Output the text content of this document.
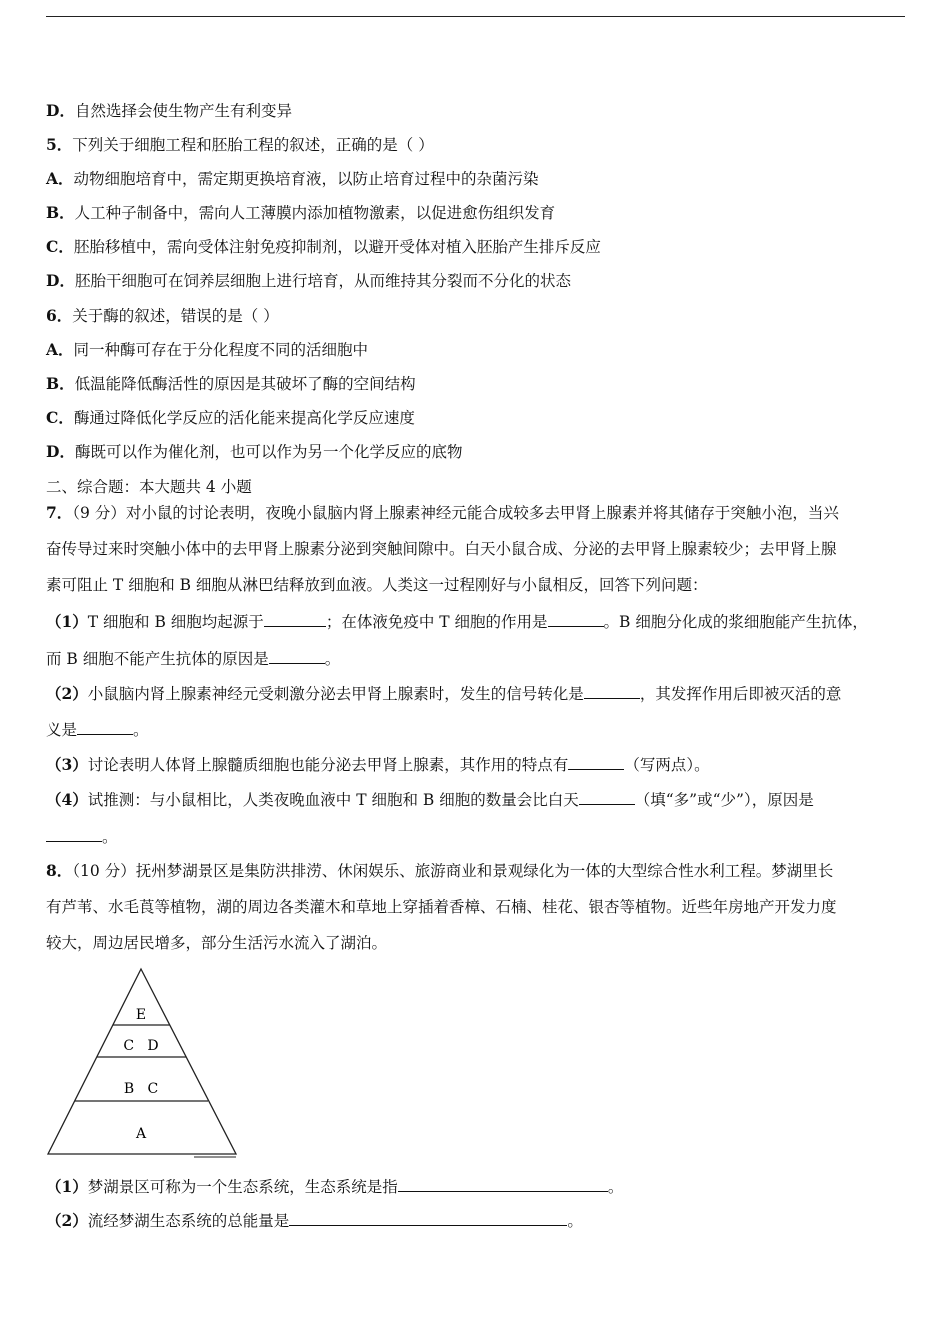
D．自然选择会使生物产生有利变异
5．下列关于细胞工程和胚胎工程的叙述，正确的是（ ）
A．动物细胞培育中，需定期更换培育液，以防止培育过程中的杂菌污染
B．人工种子制备中，需向人工薄膜内添加植物激素，以促进愈伤组织发育
C．胚胎移植中，需向受体注射免疫抑制剂，以避开受体对植入胚胎产生排斥反应
D．胚胎干细胞可在饲养层细胞上进行培育，从而维持其分裂而不分化的状态
6．关于酶的叙述，错误的是（ ）
A．同一种酶可存在于分化程度不同的活细胞中
B．低温能降低酶活性的原因是其破坏了酶的空间结构
C．酶通过降低化学反应的活化能来提高化学反应速度
D．酶既可以作为催化剂，也可以作为另一个化学反应的底物
二、综合题：本大题共 4 小题
7．（9 分）对小鼠的讨论表明，夜晚小鼠脑内肾上腺素神经元能合成较多去甲肾上腺素并将其储存于突触小泡，当兴
奋传导过来时突触小体中的去甲肾上腺素分泌到突触间隙中。白天小鼠合成、分泌的去甲肾上腺素较少；去甲肾上腺
素可阻止 T 细胞和 B 细胞从淋巴结释放到血液。人类这一过程刚好与小鼠相反，回答下列问题：
（1）T 细胞和 B 细胞均起源于	；在体液免疫中 T 细胞的作用是	。B 细胞分化成的浆细胞能产生抗体，
而 B 细胞不能产生抗体的原因是	。
（2）小鼠脑内肾上腺素神经元受刺激分泌去甲肾上腺素时，发生的信号转化是	，其发挥作用后即被灭活的意
义是	。
（3）讨论表明人体肾上腺髓质细胞也能分泌去甲肾上腺素，其作用的特点有	（写两点）。
（4）试推测：与小鼠相比，人类夜晚血液中 T 细胞和 B 细胞的数量会比白天	（填“多”或“少”），原因是
。
8．（10 分）抚州梦湖景区是集防洪排涝、休闲娱乐、旅游商业和景观绿化为一体的大型综合性水利工程。梦湖里长
有芦苇、水毛莨等植物，湖的周边各类灌木和草地上穿插着香樟、石楠、桂花、银杏等植物。近些年房地产开发力度
较大，周边居民增多，部分生活污水流入了湖泊。
E
C   D
B   C
A
（1）梦湖景区可称为一个生态系统，生态系统是指	。
（2）流经梦湖生态系统的总能量是	。
